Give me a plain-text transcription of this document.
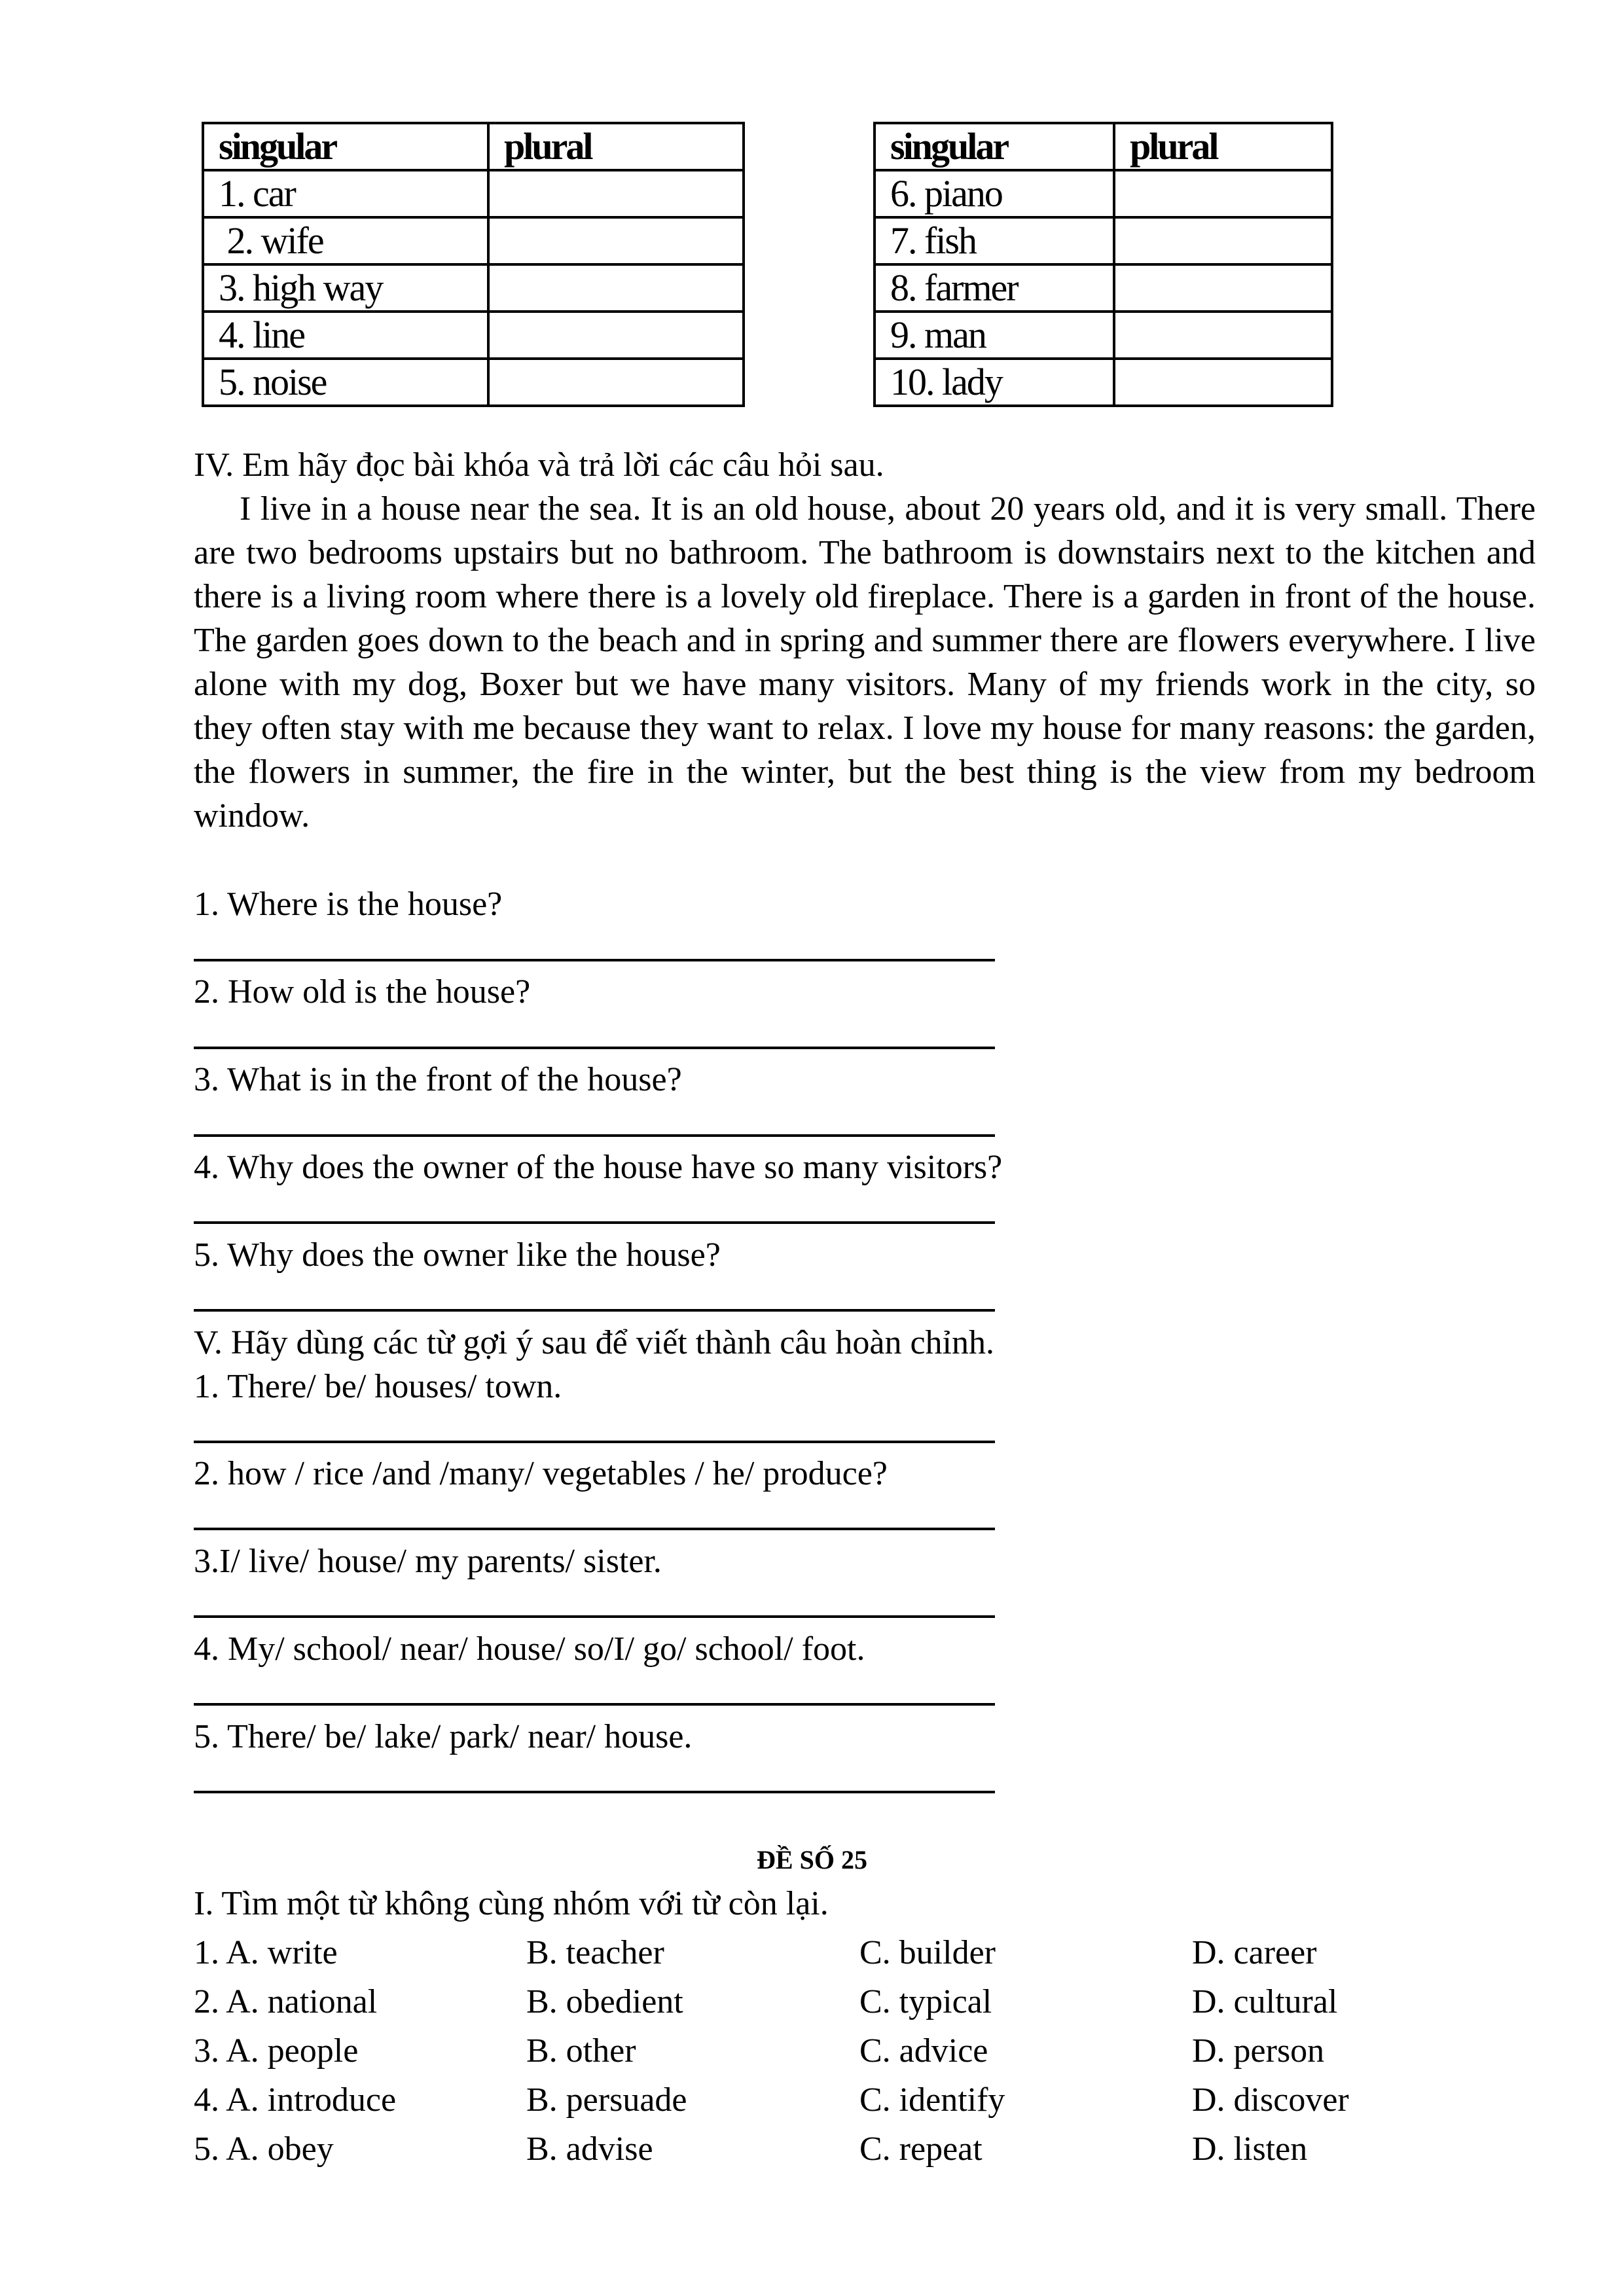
singular	plural
1. car	
2. wife	
3. high way	
4. line	
5. noise	
singular	plural
6. piano	
7. fish	
8. farmer	
9. man	
10. lady	
IV. Em hãy đọc bài khóa và trả lời các câu hỏi sau.

I live in a house near the sea. It is an old house, about 20 years old, and it is very small. There are two bedrooms upstairs but no bathroom. The bathroom is downstairs next to the kitchen and there is a living room where there is a lovely old fireplace. There is a garden in front of the house. The garden goes down to the beach and in spring and summer there are flowers everywhere. I live alone with my dog, Boxer but we have many visitors. Many of my friends work in the city, so they often stay with me because they want to relax. I love my house for many reasons: the garden, the flowers in summer, the fire in the winter, but the best thing is the view from my bedroom window.

1. Where is the house?
2. How old is the house?
3. What is in the front of the house?
4. Why does the owner of the house have so many visitors?
5. Why does the owner like the house?
V. Hãy dùng các từ gợi ý sau để viết thành câu hoàn chỉnh.
1. There/ be/ houses/ town.
2. how / rice /and /many/ vegetables / he/ produce?
3.I/ live/ house/ my parents/ sister.
4. My/ school/ near/ house/ so/I/ go/ school/ foot.
5. There/ be/ lake/ park/ near/ house.
ĐỀ SỐ 25
I. Tìm một từ không cùng nhóm với từ còn lại.
1. A. write	B. teacher	C. builder	D. career
2. A. national	B. obedient	C. typical	D. cultural
3. A. people	B. other	C. advice	D. person
4. A. introduce	B. persuade	C. identify	D. discover
5. A. obey	B. advise	C. repeat	D. listen
